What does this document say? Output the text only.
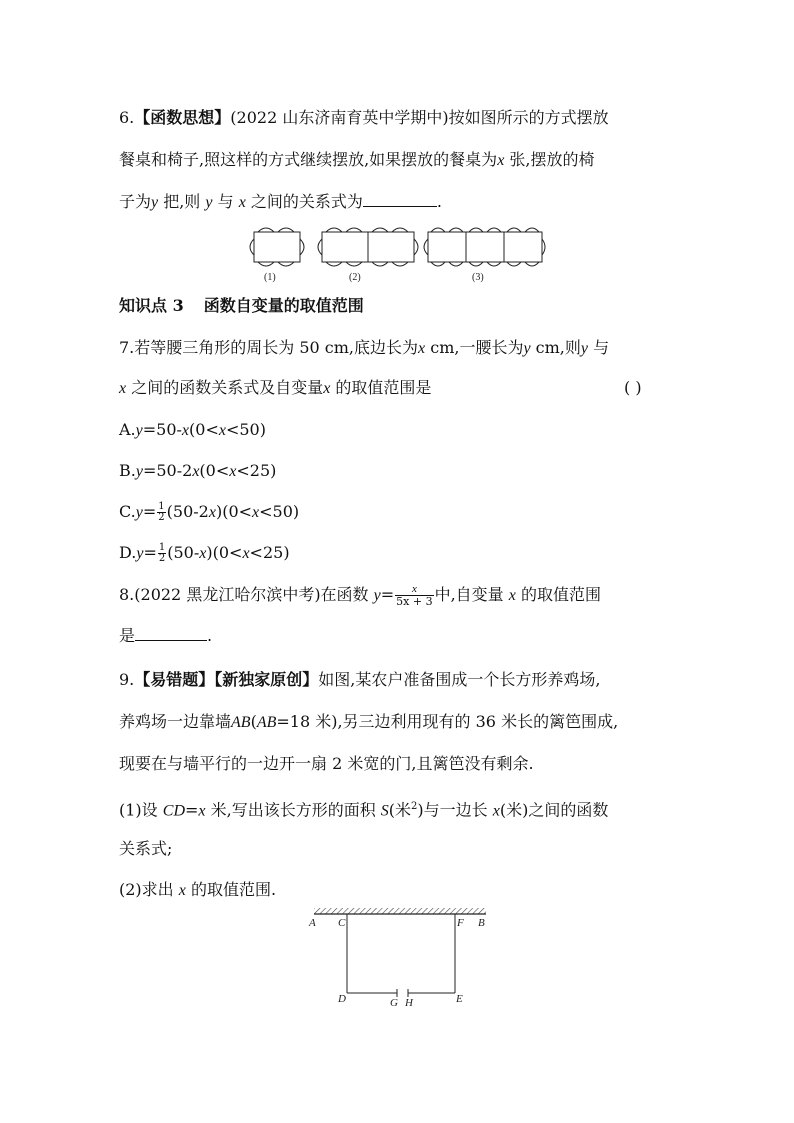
6.【函数思想】(2022 山东济南育英中学期中)按如图所示的方式摆放
餐桌和椅子,照这样的方式继续摆放,如果摆放的餐桌为x 张,摆放的椅
子为y 把,则 y 与 x 之间的关系式为	.
(1)	(2)	(3)
知识点 3 函数自变量的取值范围
7.若等腰三角形的周长为 50 cm,底边长为x cm,一腰长为y cm,则y 与
x 之间的函数关系式及自变量x 的取值范围是	( )
A.y=50-x(0<x<50)
B.y=50-2x(0<x<25)
$C.y= \frac{1}{2} (50-2x)(0<x<50)$
$D.y= \frac{1}{2} (50-x)(0<x<25)$
8.(2022 黑龙江哈尔滨中考)在函数 $y= \frac{x}{5x + 3}$ 中,自变量 x 的取值范围
是	.
9.【易错题】【新独家原创】如图,某农户准备围成一个长方形养鸡场,
养鸡场一边靠墙AB(AB=18 米),另三边利用现有的 36 米长的篱笆围成,
现要在与墙平行的一边开一扇 2 米宽的门,且篱笆没有剩余.
(1)设 CD=x 米,写出该长方形的面积 S(米$^2$)与一边长 x(米)之间的函数
关系式;
(2)求出 x 的取值范围.
A C	F B
D	G H	E
